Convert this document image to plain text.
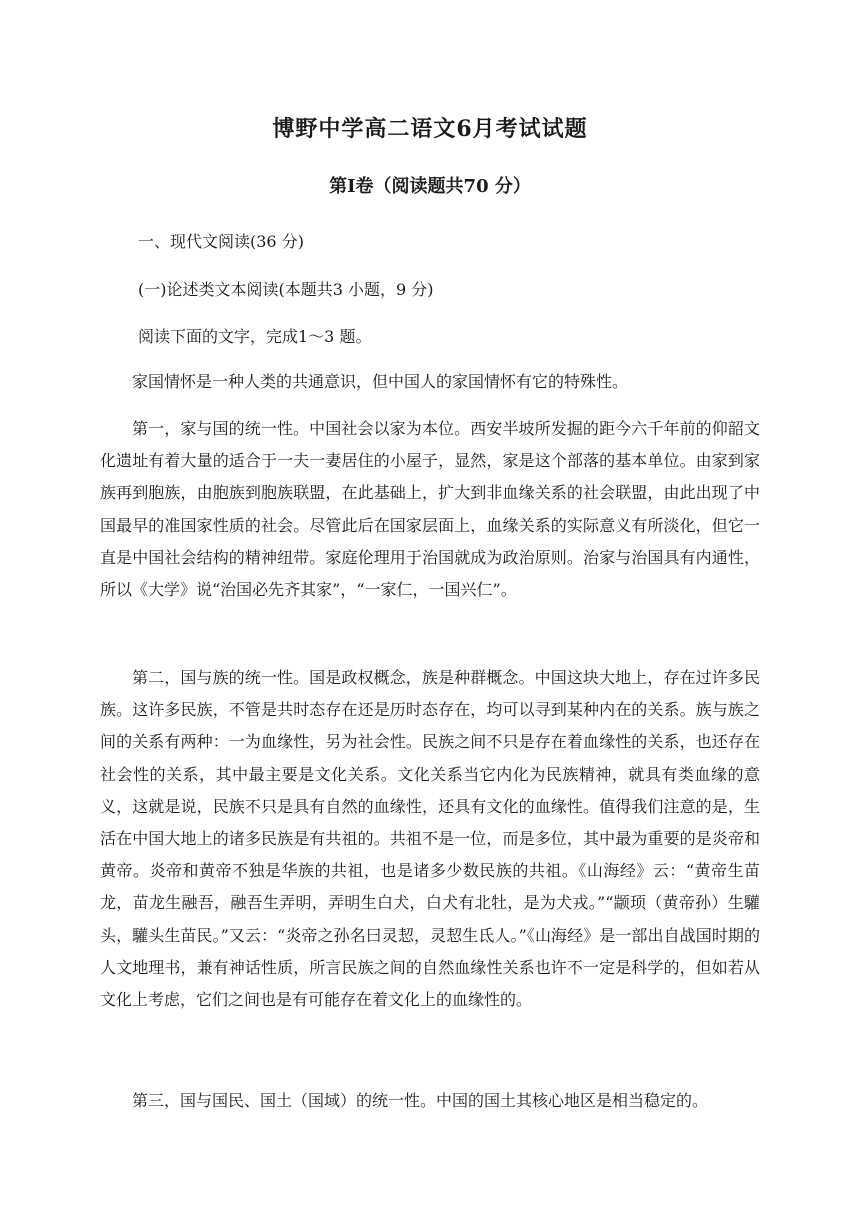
博野中学高二语文6月考试试题
第Ⅰ卷（阅读题共70 分）
一、现代文阅读(36 分)
(一)论述类文本阅读(本题共3 小题，9 分)
阅读下面的文字，完成1～3 题。

家国情怀是一种人类的共通意识，但中国人的家国情怀有它的特殊性。

第一，家与国的统一性。中国社会以家为本位。西安半坡所发掘的距今六千年前的仰韶文化遗址有着大量的适合于一夫一妻居住的小屋子，显然，家是这个部落的基本单位。由家到家族再到胞族，由胞族到胞族联盟，在此基础上，扩大到非血缘关系的社会联盟，由此出现了中国最早的准国家性质的社会。尽管此后在国家层面上，血缘关系的实际意义有所淡化，但它一直是中国社会结构的精神纽带。家庭伦理用于治国就成为政治原则。治家与治国具有内通性，所以《大学》说“治国必先齐其家”，“一家仁，一国兴仁”。

第二，国与族的统一性。国是政权概念，族是种群概念。中国这块大地上，存在过许多民族。这许多民族，不管是共时态存在还是历时态存在，均可以寻到某种内在的关系。族与族之间的关系有两种：一为血缘性，另为社会性。民族之间不只是存在着血缘性的关系，也还存在社会性的关系，其中最主要是文化关系。文化关系当它内化为民族精神，就具有类血缘的意义，这就是说，民族不只是具有自然的血缘性，还具有文化的血缘性。值得我们注意的是，生活在中国大地上的诸多民族是有共祖的。共祖不是一位，而是多位，其中最为重要的是炎帝和黄帝。炎帝和黄帝不独是华族的共祖，也是诸多少数民族的共祖。《山海经》云：“黄帝生苗龙，苗龙生融吾，融吾生弄明，弄明生白犬，白犬有北牡，是为犬戎。”“颛顼（黄帝孙）生驩头，驩头生苗民。”又云：“炎帝之孙名曰灵恝，灵恝生氐人。”《山海经》是一部出自战国时期的人文地理书，兼有神话性质，所言民族之间的自然血缘性关系也许不一定是科学的，但如若从文化上考虑，它们之间也是有可能存在着文化上的血缘性的。

第三，国与国民、国土（国域）的统一性。中国的国土其核心地区是相当稳定的。
